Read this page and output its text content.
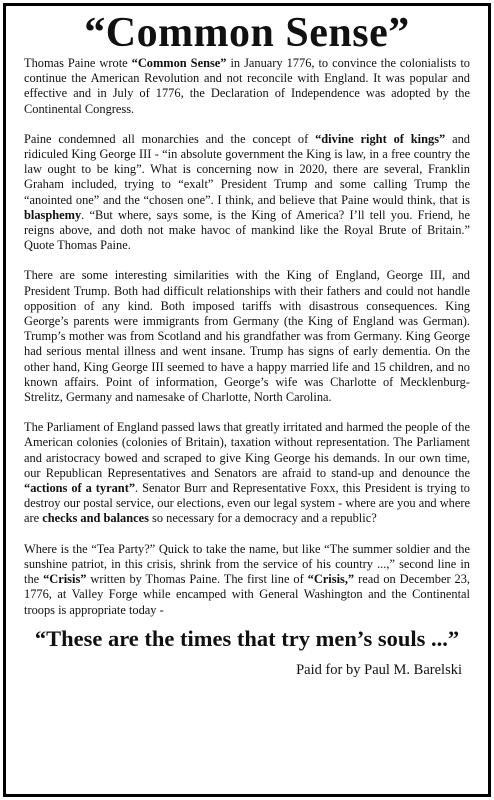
“Common Sense”

Thomas Paine wrote “Common Sense” in January 1776, to convince the colonialists to continue the American Revolution and not reconcile with England. It was popular and effective and in July of 1776, the Declaration of Independence was adopted by the Continental Congress.

Paine condemned all monarchies and the concept of “divine right of kings” and ridiculed King George III - “in absolute government the King is law, in a free country the law ought to be king”. What is concerning now in 2020, there are several, Franklin Graham included, trying to “exalt” President Trump and some calling Trump the “anointed one” and the “chosen one”. I think, and believe that Paine would think, that is blasphemy. “But where, says some, is the King of America? I’ll tell you. Friend, he reigns above, and doth not make havoc of mankind like the Royal Brute of Britain.” Quote Thomas Paine.

There are some interesting similarities with the King of England, George III, and President Trump. Both had difficult relationships with their fathers and could not handle opposition of any kind. Both imposed tariffs with disastrous consequences. King George’s parents were immigrants from Germany (the King of England was German). Trump’s mother was from Scotland and his grandfather was from Germany. King George had serious mental illness and went insane. Trump has signs of early dementia. On the other hand, King George III seemed to have a happy married life and 15 children, and no known affairs. Point of information, George’s wife was Charlotte of Mecklenburg-Strelitz, Germany and namesake of Charlotte, North Carolina.

The Parliament of England passed laws that greatly irritated and harmed the people of the American colonies (colonies of Britain), taxation without representation. The Parliament and aristocracy bowed and scraped to give King George his demands. In our own time, our Republican Representatives and Senators are afraid to stand-up and denounce the “actions of a tyrant”. Senator Burr and Representative Foxx, this President is trying to destroy our postal service, our elections, even our legal system - where are you and where are checks and balances so necessary for a democracy and a republic?

Where is the “Tea Party?” Quick to take the name, but like “The summer soldier and the sunshine patriot, in this crisis, shrink from the service of his country ...,” second line in the “Crisis” written by Thomas Paine. The first line of “Crisis,” read on December 23, 1776, at Valley Forge while encamped with General Washington and the Continental troops is appropriate today -

“These are the times that try men’s souls ...”
Paid for by Paul M. Barelski
